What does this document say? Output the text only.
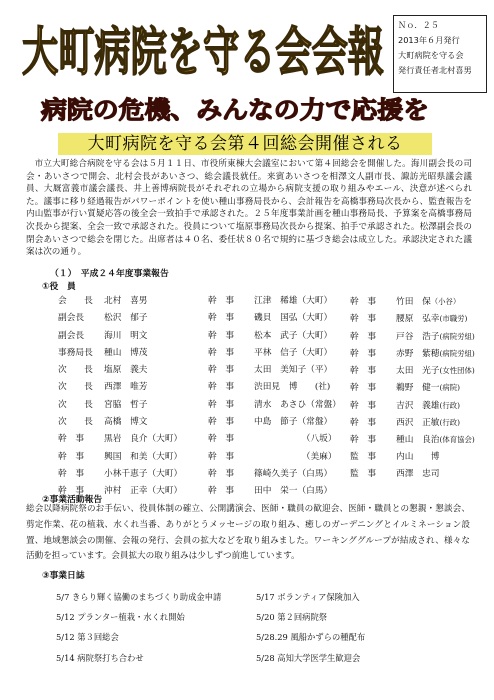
大町病院を守る会会報 Ｎｏ．２５
2013年６月発行
大町病院を守る会
発行責任者北村喜男
病院の危機、みんなの力で応援を
大町病院を守る会第４回総会開催される
市立大町総合病院を守る会は５月１１日、市役所東棟大会議室において第４回総会を開催した。海川副会長の司会・あいさつで開会、北村会長があいさつ、総会議長就任。来賓あいさつを相澤文人副市長、諏訪光昭県議会議員、大厩富義市議会議長、井上善博病院長がそれぞれの立場から病院支援の取り組みやエール、決意が述べられた。議事に移り経過報告がパワーポイントを使い種山事務局長から、会計報告を高橋事務局次長から、監査報告を内山監事が行い質疑応答の後全会一致拍手で承認された。２５年度事業計画を種山事務局長、予算案を高橋事務局次長から提案、全会一致で承認された。役員について塩原事務局次長から提案、拍手で承認された。松澤副会長の閉会あいさつで総会を閉じた。出席者は４０名、委任状８０名で規約に基づき総会は成立した。承認決定された議案は次の通り。
（１）　平成２４年度事業報告
①役　員
会　　長 北村　喜男	幹　事 江津　稀雄（大町） 幹　事 竹田　保（小谷）
副会長 松沢　郁子	幹　事 磯貝　国弘（大町） 幹　事 腰原　弘幸(市職労)
副会長 海川　明文	幹　事 松本　武子（大町） 幹　事 戸谷　浩子(病院労組)
事務局長 種山　博茂	幹　事 平林　信子（大町） 幹　事 赤野　紫穂(病院労組)
次　　長 塩原　義夫	幹　事 太田　美知子（平） 幹　事 太田　光子(女性団体)
次　　長 西澤　唯芳	幹　事 渋田見　博　　(社) 幹　事 鵜野　健一(病院)
次　　長 宮脇　哲子	幹　事 清水　あさひ（常盤） 幹　事 吉沢　義雄(行政)
次　　長 高橋　博文	幹　事 中島　節子（常盤） 幹　事 西沢　正敏(行政)
幹　事 黒岩　良介（大町）	幹　事　　　　　　（八坂） 幹　事 種山　良治(体育協会)
幹　事 興国　和美（大町）	幹　事　　　　　　（美麻） 監　事 内山　　博
幹　事 小林千恵子（大町）	幹　事 篠崎久美子（白馬） 監　事 西澤　忠司
幹　事 沖村　正幸（大町）	幹　事 田中　栄一（白馬）
②事業活動報告
総会以降病院祭のお手伝い、役員体制の確立、公開講演会、医師・職員の歓迎会、医師・職員との懇親・懇談会、剪定作業、花の植栽、水くれ当番、ありがとうメッセージの取り組み、癒しのガーデニングとイルミネーション設置、地域懇談会の開催、会報の発行、会員の拡大などを取り組みました。ワーキンググループが結成され、様々な活動を担っています。会員拡大の取り組みは少しずつ前進しています。
③事業日誌
5/7 きらり輝く協働のまちづくり助成金申請	5/17 ボランティア保険加入
5/12 プランター植栽・水くれ開始	5/20 第２回病院祭
5/12 第３回総会	5/28.29 風船かずらの種配布
5/14 病院祭打ち合わせ	5/28 高知大学医学生歓迎会
